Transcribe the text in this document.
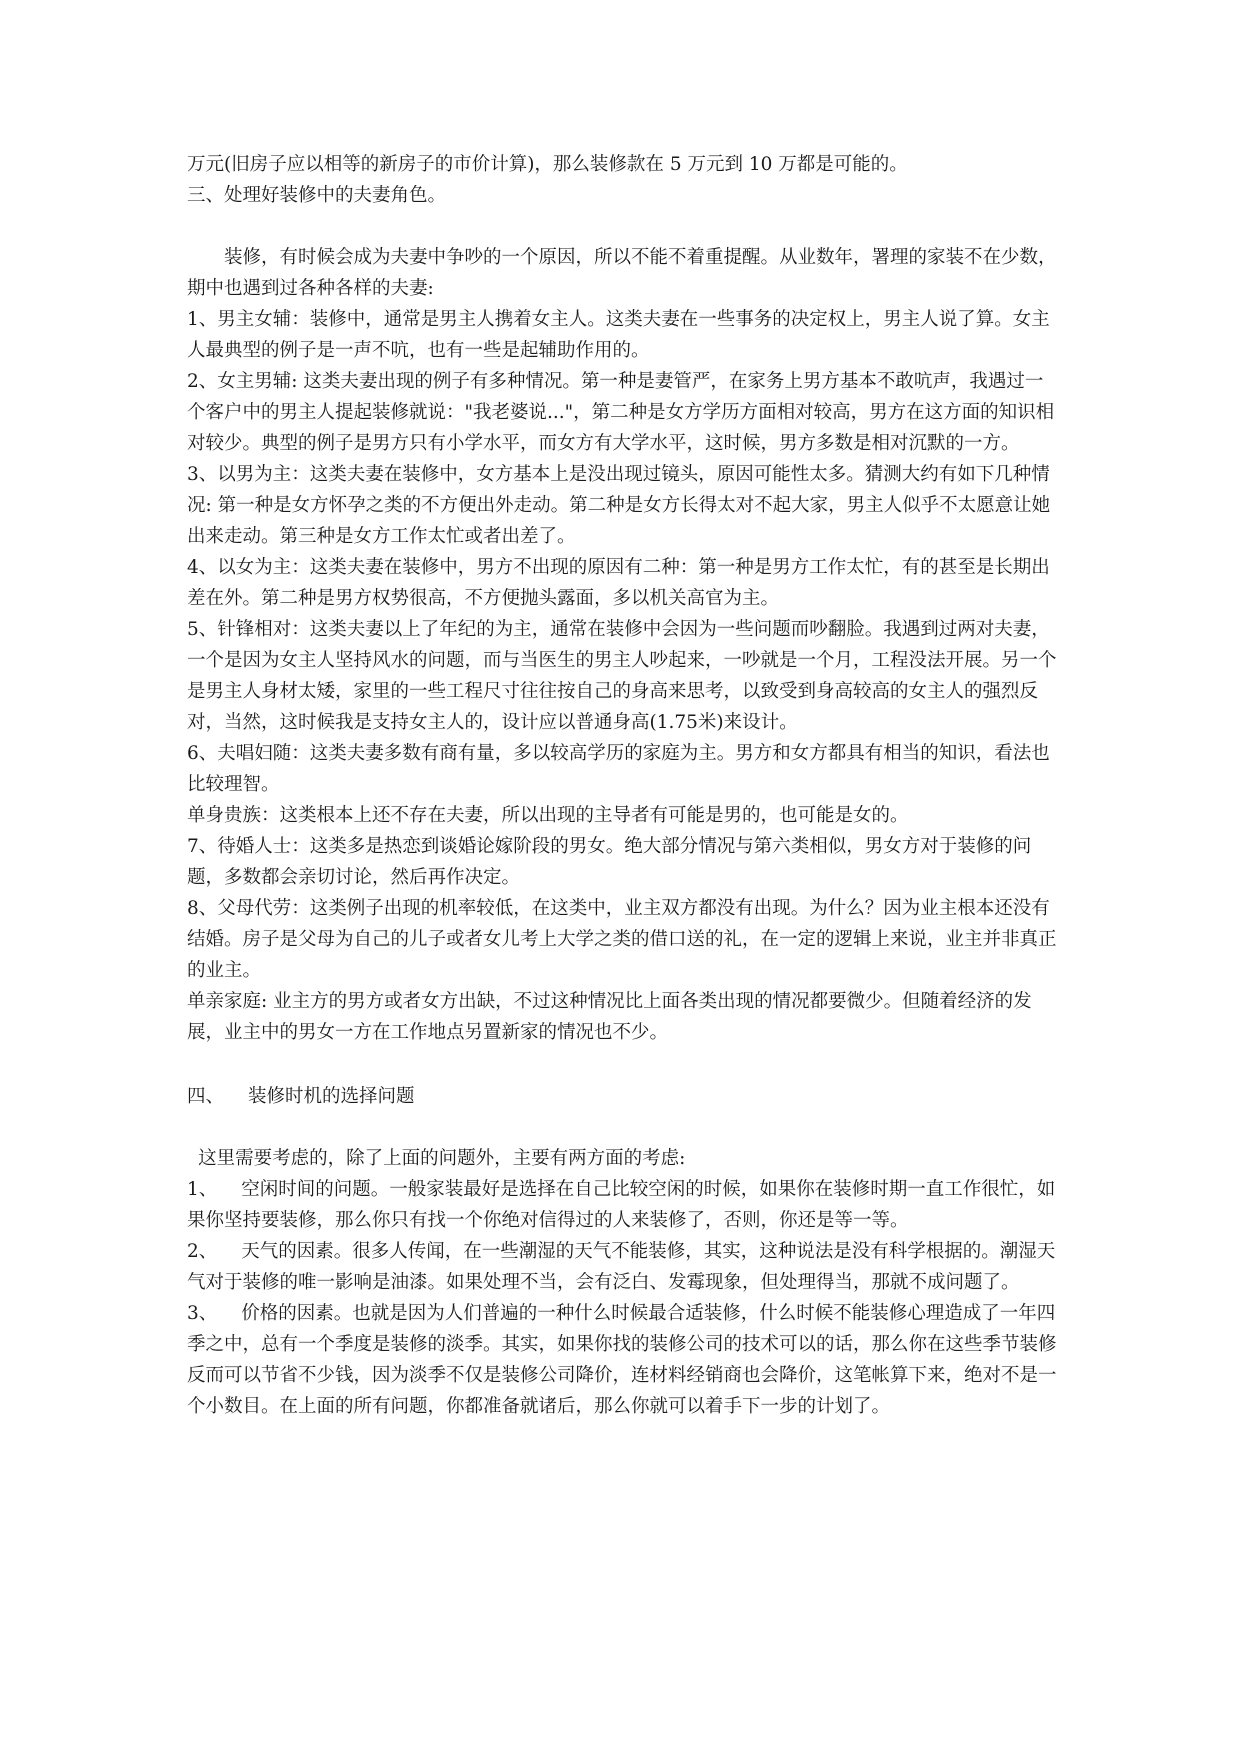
万元(旧房子应以相等的新房子的市价计算)，那么装修款在 5 万元到 10 万都是可能的。

三、处理好装修中的夫妻角色。

装修，有时候会成为夫妻中争吵的一个原因，所以不能不着重提醒。从业数年，署理的家装不在少数，期中也遇到过各种各样的夫妻:

1、男主女辅：装修中，通常是男主人携着女主人。这类夫妻在一些事务的决定权上，男主人说了算。女主人最典型的例子是一声不吭，也有一些是起辅助作用的。

2、女主男辅: 这类夫妻出现的例子有多种情况。第一种是妻管严，在家务上男方基本不敢吭声，我遇过一个客户中的男主人提起装修就说："我老婆说..."，第二种是女方学历方面相对较高，男方在这方面的知识相对较少。典型的例子是男方只有小学水平，而女方有大学水平，这时候，男方多数是相对沉默的一方。

3、以男为主：这类夫妻在装修中，女方基本上是没出现过镜头，原因可能性太多。猜测大约有如下几种情况: 第一种是女方怀孕之类的不方便出外走动。第二种是女方长得太对不起大家，男主人似乎不太愿意让她出来走动。第三种是女方工作太忙或者出差了。

4、以女为主：这类夫妻在装修中，男方不出现的原因有二种：第一种是男方工作太忙，有的甚至是长期出差在外。第二种是男方权势很高，不方便抛头露面，多以机关高官为主。

5、针锋相对：这类夫妻以上了年纪的为主，通常在装修中会因为一些问题而吵翻脸。我遇到过两对夫妻，一个是因为女主人坚持风水的问题，而与当医生的男主人吵起来，一吵就是一个月，工程没法开展。另一个是男主人身材太矮，家里的一些工程尺寸往往按自己的身高来思考，以致受到身高较高的女主人的强烈反对，当然，这时候我是支持女主人的，设计应以普通身高(1.75米)来设计。

6、夫唱妇随：这类夫妻多数有商有量，多以较高学历的家庭为主。男方和女方都具有相当的知识，看法也比较理智。

单身贵族：这类根本上还不存在夫妻，所以出现的主导者有可能是男的，也可能是女的。

7、待婚人士：这类多是热恋到谈婚论嫁阶段的男女。绝大部分情况与第六类相似，男女方对于装修的问题，多数都会亲切讨论，然后再作决定。

8、父母代劳：这类例子出现的机率较低，在这类中，业主双方都没有出现。为什么？因为业主根本还没有结婚。房子是父母为自己的儿子或者女儿考上大学之类的借口送的礼，在一定的逻辑上来说，业主并非真正的业主。

单亲家庭: 业主方的男方或者女方出缺，不过这种情况比上面各类出现的情况都要微少。但随着经济的发展，业主中的男女一方在工作地点另置新家的情况也不少。

四、 装修时机的选择问题

这里需要考虑的，除了上面的问题外，主要有两方面的考虑:

1、 空闲时间的问题。一般家装最好是选择在自己比较空闲的时候，如果你在装修时期一直工作很忙，如果你坚持要装修，那么你只有找一个你绝对信得过的人来装修了，否则，你还是等一等。

2、 天气的因素。很多人传闻，在一些潮湿的天气不能装修，其实，这种说法是没有科学根据的。潮湿天气对于装修的唯一影响是油漆。如果处理不当，会有泛白、发霉现象，但处理得当，那就不成问题了。

3、 价格的因素。也就是因为人们普遍的一种什么时候最合适装修，什么时候不能装修心理造成了一年四季之中，总有一个季度是装修的淡季。其实，如果你找的装修公司的技术可以的话，那么你在这些季节装修反而可以节省不少钱，因为淡季不仅是装修公司降价，连材料经销商也会降价，这笔帐算下来，绝对不是一个小数目。在上面的所有问题，你都准备就诸后，那么你就可以着手下一步的计划了。
